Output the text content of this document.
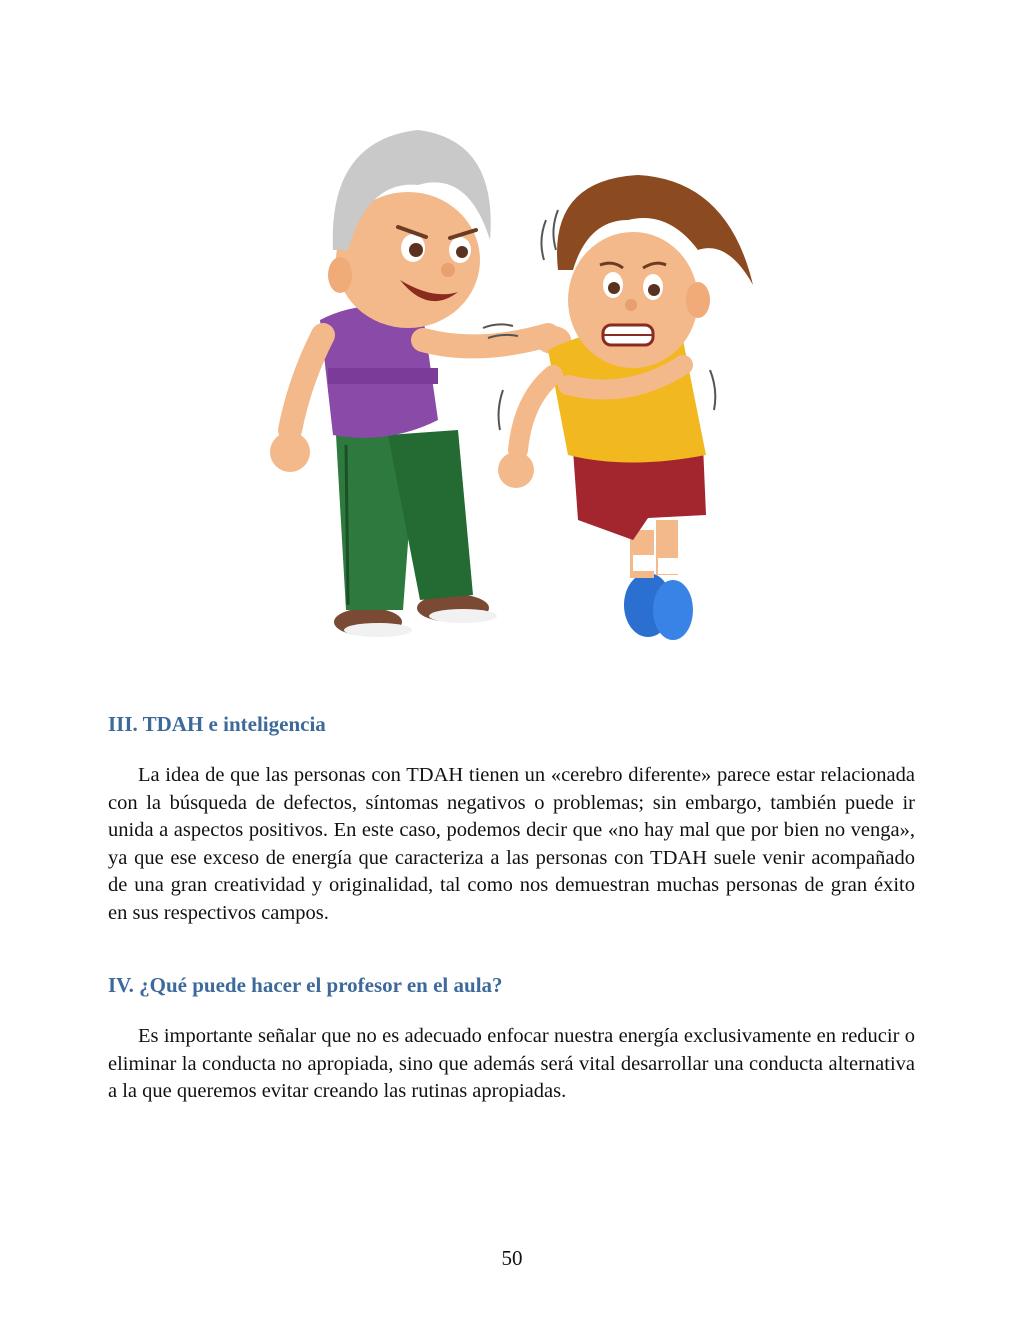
III. TDAH e inteligencia

La idea de que las personas con TDAH tienen un «cerebro diferente» parece estar relacionada con la búsqueda de defectos, síntomas negativos o problemas; sin embargo, también puede ir unida a aspectos positivos. En este caso, podemos decir que «no hay mal que por bien no venga», ya que ese exceso de energía que caracteriza a las personas con TDAH suele venir acompañado de una gran creatividad y originalidad, tal como nos demuestran muchas personas de gran éxito en sus respectivos campos.

IV. ¿Qué puede hacer el profesor en el aula?

Es importante señalar que no es adecuado enfocar nuestra energía exclusivamente en reducir o eliminar la conducta no apropiada, sino que además será vital desarrollar una conducta alternativa a la que queremos evitar creando las rutinas apropiadas.

50
